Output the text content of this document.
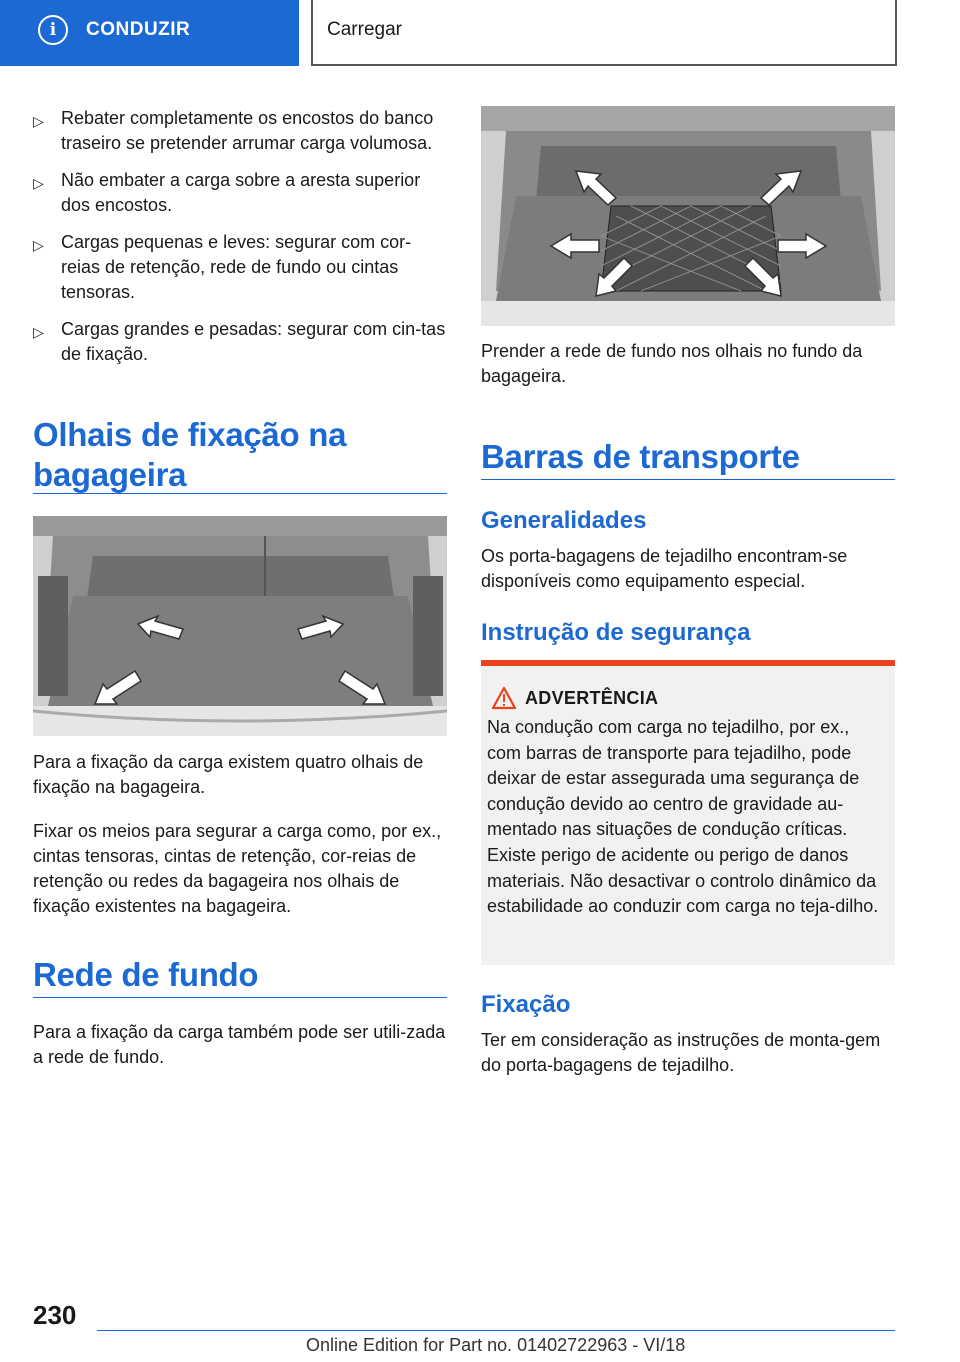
i	CONDUZIR	Carregar
▷ Rebater completamente os encostos do banco traseiro se pretender arrumar carga volumosa.
▷ Não embater a carga sobre a aresta superior dos encostos.
▷ Cargas pequenas e leves: segurar com cor-reias de retenção, rede de fundo ou cintas tensoras.
▷ Cargas grandes e pesadas: segurar com cin-tas de fixação.
Olhais de fixação na bagageira
Para a fixação da carga existem quatro olhais de fixação na bagageira.
Fixar os meios para segurar a carga como, por ex., cintas tensoras, cintas de retenção, cor-reias de retenção ou redes da bagageira nos olhais de fixação existentes na bagageira.
Rede de fundo
Para a fixação da carga também pode ser utili-zada a rede de fundo.
Prender a rede de fundo nos olhais no fundo da bagageira.
Barras de transporte
Generalidades
Os porta-bagagens de tejadilho encontram-se disponíveis como equipamento especial.
Instrução de segurança
ADVERTÊNCIA
Na condução com carga no tejadilho, por ex., com barras de transporte para tejadilho, pode deixar de estar assegurada uma segurança de condução devido ao centro de gravidade au-mentado nas situações de condução críticas. Existe perigo de acidente ou perigo de danos materiais. Não desactivar o controlo dinâmico da estabilidade ao conduzir com carga no teja-dilho.
Fixação
Ter em consideração as instruções de monta-gem do porta-bagagens de tejadilho.
230
Online Edition for Part no. 01402722963 - VI/18
